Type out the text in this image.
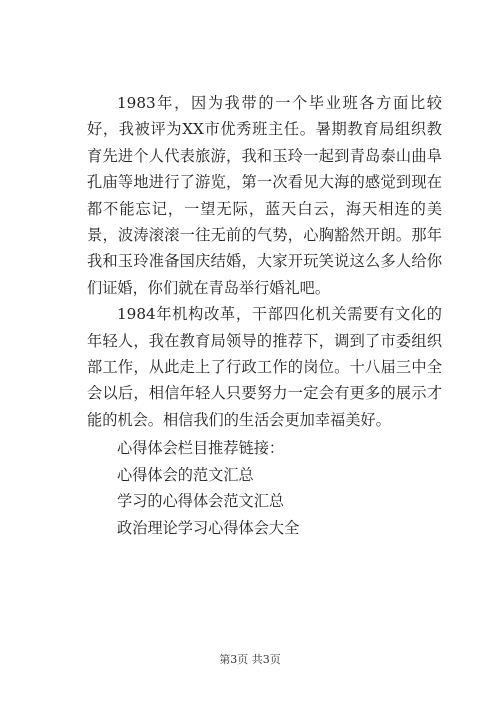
1983年，因为我带的一个毕业班各方面比较好，我被评为XX市优秀班主任。暑期教育局组织教育先进个人代表旅游，我和玉玲一起到青岛泰山曲阜孔庙等地进行了游览，第一次看见大海的感觉到现在都不能忘记，一望无际，蓝天白云，海天相连的美景，波涛滚滚一往无前的气势，心胸豁然开朗。那年我和玉玲准备国庆结婚，大家开玩笑说这么多人给你们证婚，你们就在青岛举行婚礼吧。

1984年机构改革，干部四化机关需要有文化的年轻人，我在教育局领导的推荐下，调到了市委组织部工作，从此走上了行政工作的岗位。十八届三中全会以后，相信年轻人只要努力一定会有更多的展示才能的机会。相信我们的生活会更加幸福美好。

心得体会栏目推荐链接：
心得体会的范文汇总
学习的心得体会范文汇总
政治理论学习心得体会大全
第3页 共3页
